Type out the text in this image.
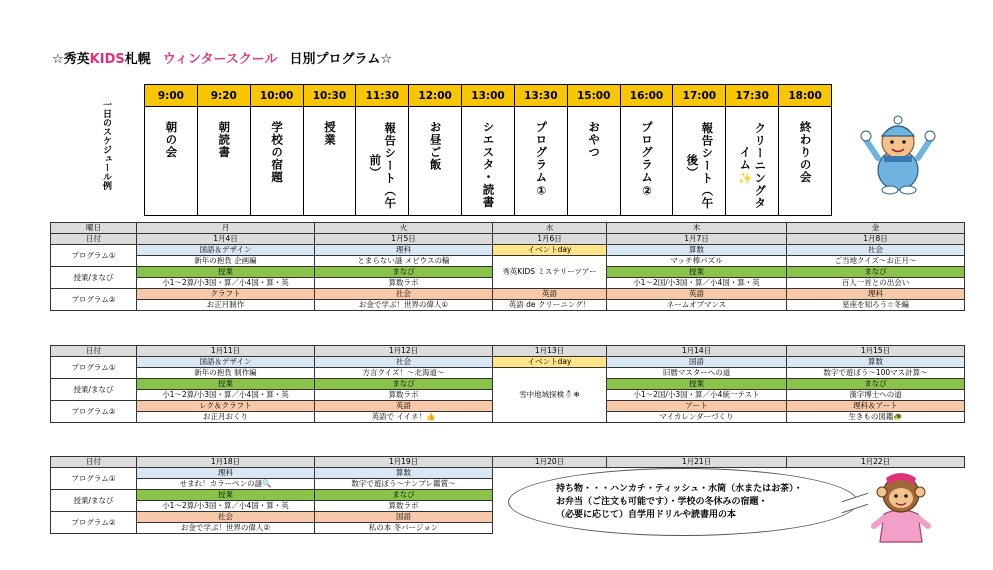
☆秀英KIDS札幌 ウィンタースクール 日別プログラム☆
一日のスケジュール例
9:00	9:20	10:00	10:30	11:30	12:00	13:00	13:30	15:00	16:00	17:00	17:30	18:00
朝の会	朝読書	学校の宿題	授業	報告シート（午前）	お昼ご飯	シエスタ・読書	プログラム①	おやつ	プログラム②	報告シート（午後）	クリーニングタイム✨	終わりの会
曜日	月	火	水	木	金
日付	1月4日	1月5日	1月6日	1月7日	1月8日
プログラム①	国語＆デザイン	理科	イベントday	算数	社会
	新年の抱負 企画編	とまらない謎 メビウスの輪	秀英KIDS ミステリーツアー	マッチ棒パズル	ご当地クイズ～お正月～
授業/まなび	授業	まなび		授業	まなび
	小1～2算/小3国・算／小4国・算・英	算数ラボ		小1～2国/小3国・算／小4国・算・英	百人一首との出会い
プログラム②	クラフト	社会	英語	英語	理科
	お正月制作	お金で学ぶ！世界の偉人①	英語 de クリーニング！	ネームオブマンス	星座を知ろう☆冬編
日付	1月11日	1月12日	1月13日	1月14日	1月15日
プログラム①	国語＆デザイン	社会	イベントday	国語	算数
	新年の抱負 制作編	方言クイズ！～北海道～	雪中地域探検⛄❄	旧暦マスターへの道	数字で遊ぼう～100マス計算～
授業/まなび	授業	まなび		授業	まなび
	小1～2算/小3国・算／小4国・算・英	算数ラボ		小1～2国/小3国・算／小4統一テスト	漢字博士への道
プログラム②	レク＆クラフト	英語		アート	理科＆アート
	お正月おくり	英語で イイネ！👍		マイカレンダーづくり	生きもの図鑑🐢
日付	1月18日	1月19日	1月20日	1月21日	1月22日
プログラム①	理科	算数			
	せまれ！カラーペンの謎🔍	数字で遊ぼう～ナンプレ鑑賞～			
授業/まなび	授業	まなび			
	小1～2算/小3国・算／小4国・算・英	算数ラボ			
プログラム②	社会	国語			
	お金で学ぶ！世界の偉人②	私の本 冬バージョン			
持ち物・・・ハンカチ・ティッシュ・水筒（水またはお茶）・
お弁当（ご注文も可能です）・学校の冬休みの宿題・
（必要に応じて）自学用ドリルや読書用の本
